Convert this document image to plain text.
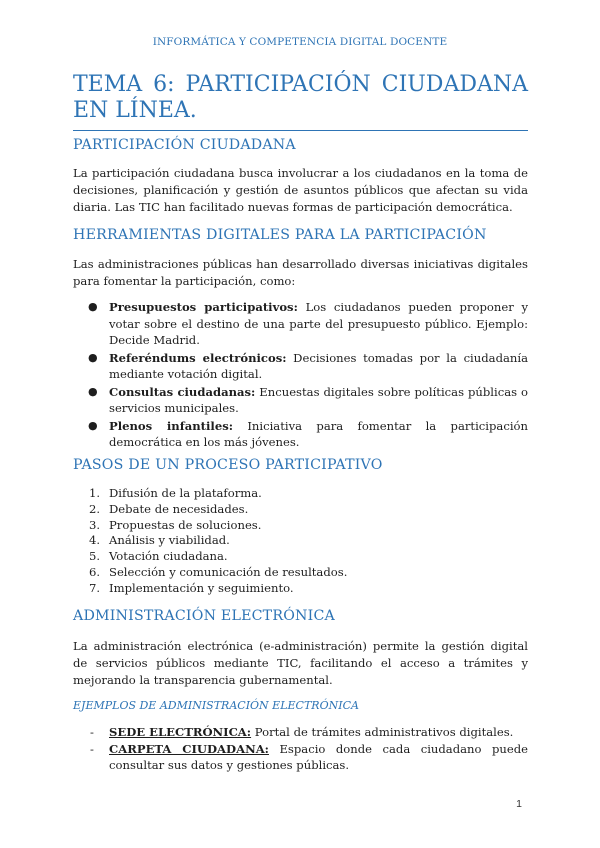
INFORMÁTICA Y COMPETENCIA DIGITAL DOCENTE
TEMA 6: PARTICIPACIÓN CIUDADANA EN LÍNEA.
PARTICIPACIÓN CIUDADANA

La participación ciudadana busca involucrar a los ciudadanos en la toma de decisiones, planificación y gestión de asuntos públicos que afectan su vida diaria. Las TIC han facilitado nuevas formas de participación democrática.

HERRAMIENTAS DIGITALES PARA LA PARTICIPACIÓN

Las administraciones públicas han desarrollado diversas iniciativas digitales para fomentar la participación, como:

● Presupuestos participativos: Los ciudadanos pueden proponer y votar sobre el destino de una parte del presupuesto público. Ejemplo: Decide Madrid.
● Referéndums electrónicos: Decisiones tomadas por la ciudadanía mediante votación digital.
● Consultas ciudadanas: Encuestas digitales sobre políticas públicas o servicios municipales.
● Plenos infantiles: Iniciativa para fomentar la participación democrática en los más jóvenes.
PASOS DE UN PROCESO PARTICIPATIVO
1. Difusión de la plataforma.
2. Debate de necesidades.
3. Propuestas de soluciones.
4. Análisis y viabilidad.
5. Votación ciudadana.
6. Selección y comunicación de resultados.
7. Implementación y seguimiento.
ADMINISTRACIÓN ELECTRÓNICA

La administración electrónica (e-administración) permite la gestión digital de servicios públicos mediante TIC, facilitando el acceso a trámites y mejorando la transparencia gubernamental.

EJEMPLOS DE ADMINISTRACIÓN ELECTRÓNICA
- SEDE ELECTRÓNICA: Portal de trámites administrativos digitales.
- CARPETA CIUDADANA: Espacio donde cada ciudadano puede consultar sus datos y gestiones públicas.
1
